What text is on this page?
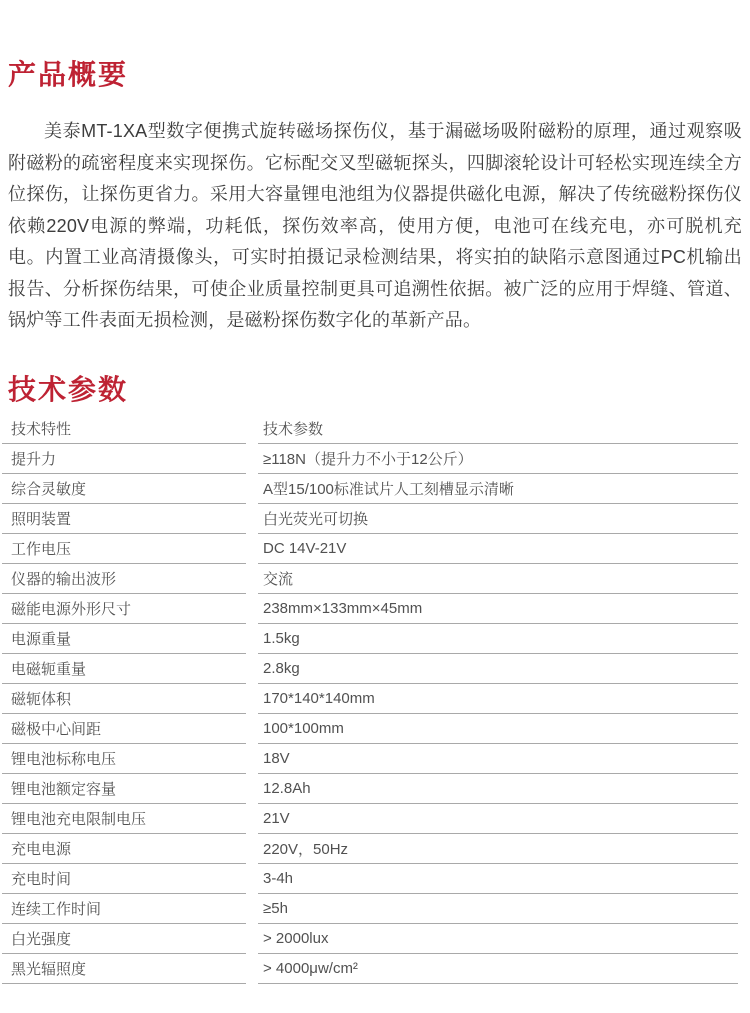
产品概要

美泰MT-1XA型数字便携式旋转磁场探伤仪，基于漏磁场吸附磁粉的原理，通过观察吸附磁粉的疏密程度来实现探伤。它标配交叉型磁轭探头，四脚滚轮设计可轻松实现连续全方位探伤，让探伤更省力。采用大容量锂电池组为仪器提供磁化电源，解决了传统磁粉探伤仪依赖220V电源的弊端，功耗低，探伤效率高，使用方便，电池可在线充电，亦可脱机充电。内置工业高清摄像头，可实时拍摄记录检测结果，将实拍的缺陷示意图通过PC机输出报告、分析探伤结果，可使企业质量控制更具可追溯性依据。被广泛的应用于焊缝、管道、锅炉等工件表面无损检测，是磁粉探伤数字化的革新产品。

技术参数
技术特性	技术参数
提升力	≥118N（提升力不小于12公斤）
综合灵敏度	A型15/100标准试片人工刻槽显示清晰
照明装置	白光荧光可切换
工作电压	DC 14V-21V
仪器的输出波形	交流
磁能电源外形尺寸	238mm×133mm×45mm
电源重量	1.5kg
电磁轭重量	2.8kg
磁轭体积	170*140*140mm
磁极中心间距	100*100mm
锂电池标称电压	18V
锂电池额定容量	12.8Ah
锂电池充电限制电压	21V
充电电源	220V，50Hz
充电时间	3-4h
连续工作时间	≥5h
白光强度	> 2000lux
黑光辐照度	> 4000μw/cm²
